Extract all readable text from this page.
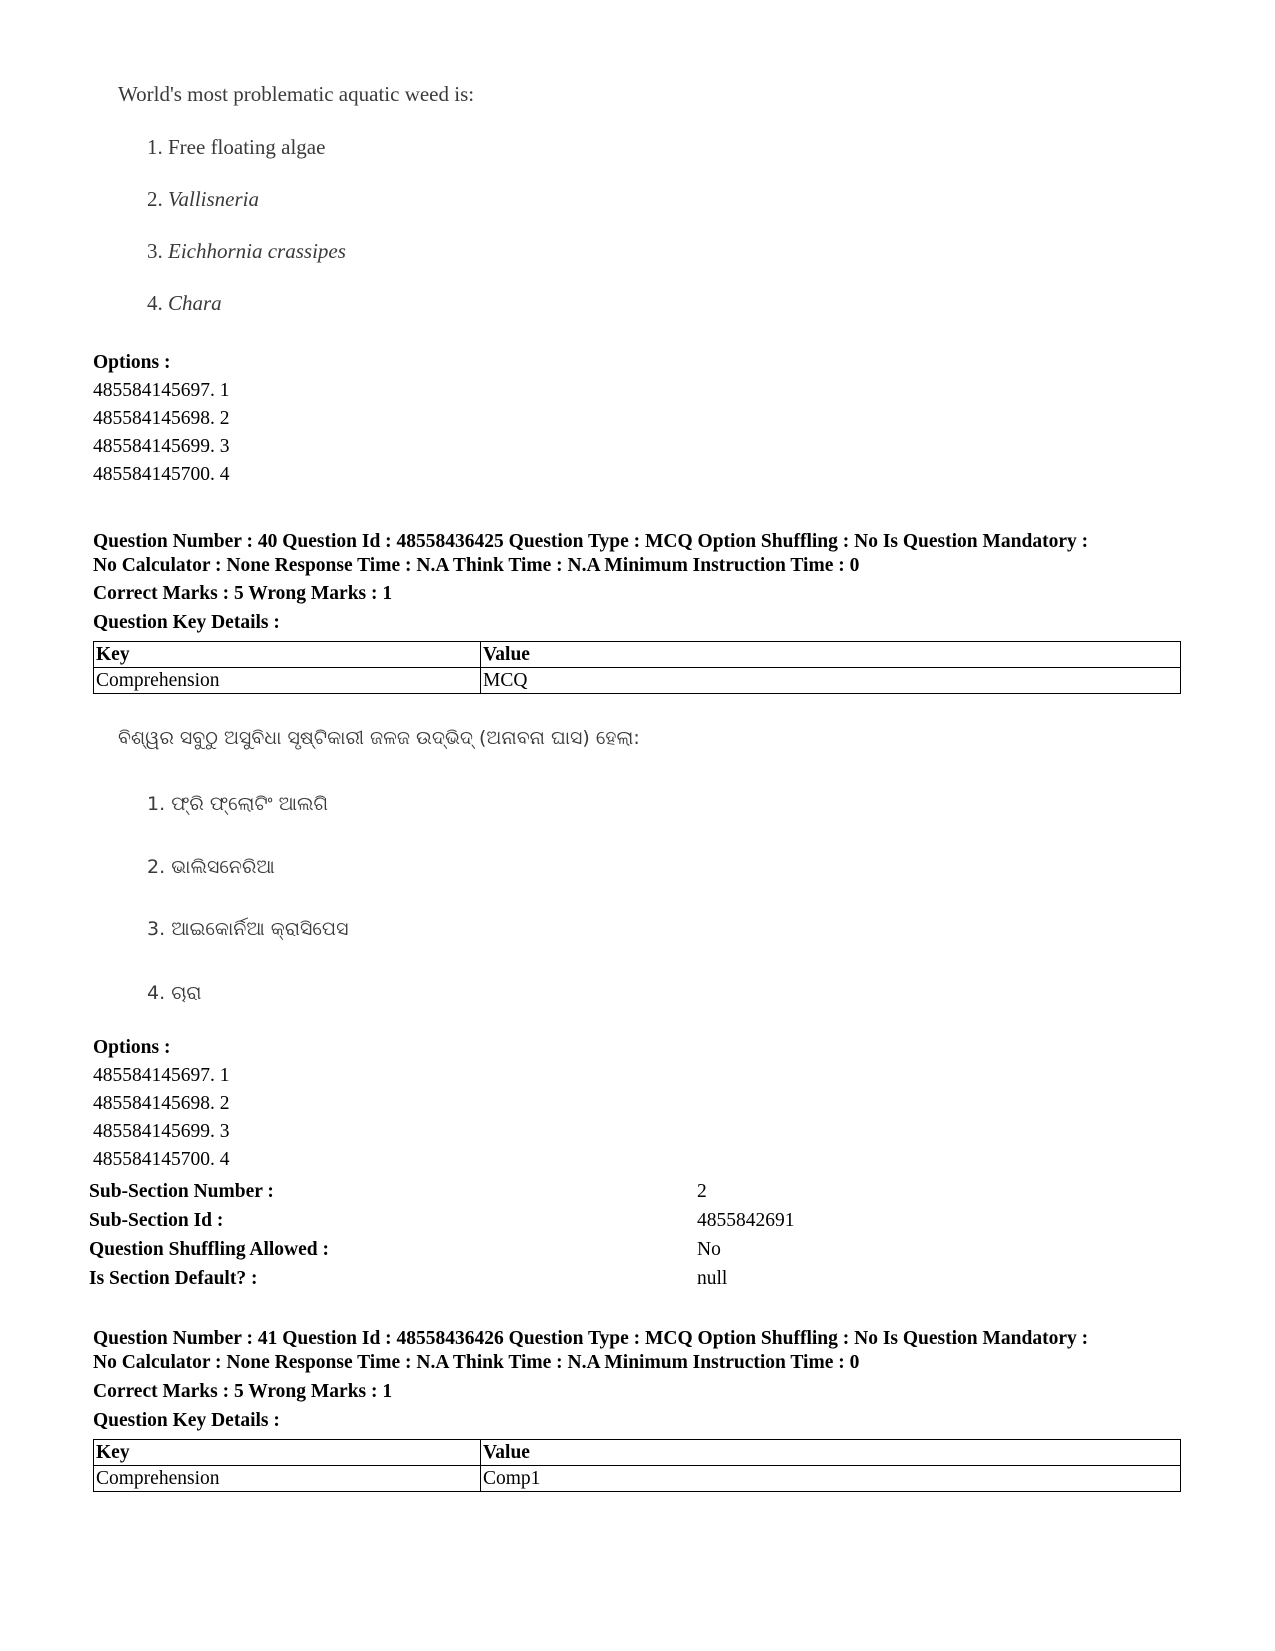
World's most problematic aquatic weed is:
1. Free floating algae
2. Vallisneria
3. Eichhornia crassipes
4. Chara
Options :
485584145697. 1
485584145698. 2
485584145699. 3
485584145700. 4
Question Number : 40 Question Id : 48558436425 Question Type : MCQ Option Shuffling : No Is Question Mandatory :
No Calculator : None Response Time : N.A Think Time : N.A Minimum Instruction Time : 0
Correct Marks : 5 Wrong Marks : 1
Question Key Details :
Key	Value
Comprehension	MCQ
ବିଶ୍ୱର ସବୁଠୁ ଅସୁବିଧା ସୃଷ୍ଟିକାରୀ ଜଳଜ ଉଦ୍ଭିଦ୍ (ଅନାବନା ଘାସ) ହେଲା:
1. ଫ୍ରି ଫ୍ଲୋଟିଂ ଆଲଗି
2. ଭାଲିସନେରିଆ
3. ଆଇକୋର୍ନିଆ କ୍ରାସିପେସ
4. ଚାରା
Options :
485584145697. 1
485584145698. 2
485584145699. 3
485584145700. 4
Sub-Section Number :	2
Sub-Section Id :	4855842691
Question Shuffling Allowed :	No
Is Section Default? :	null
Question Number : 41 Question Id : 48558436426 Question Type : MCQ Option Shuffling : No Is Question Mandatory :
No Calculator : None Response Time : N.A Think Time : N.A Minimum Instruction Time : 0
Correct Marks : 5 Wrong Marks : 1
Question Key Details :
Key	Value
Comprehension	Comp1
